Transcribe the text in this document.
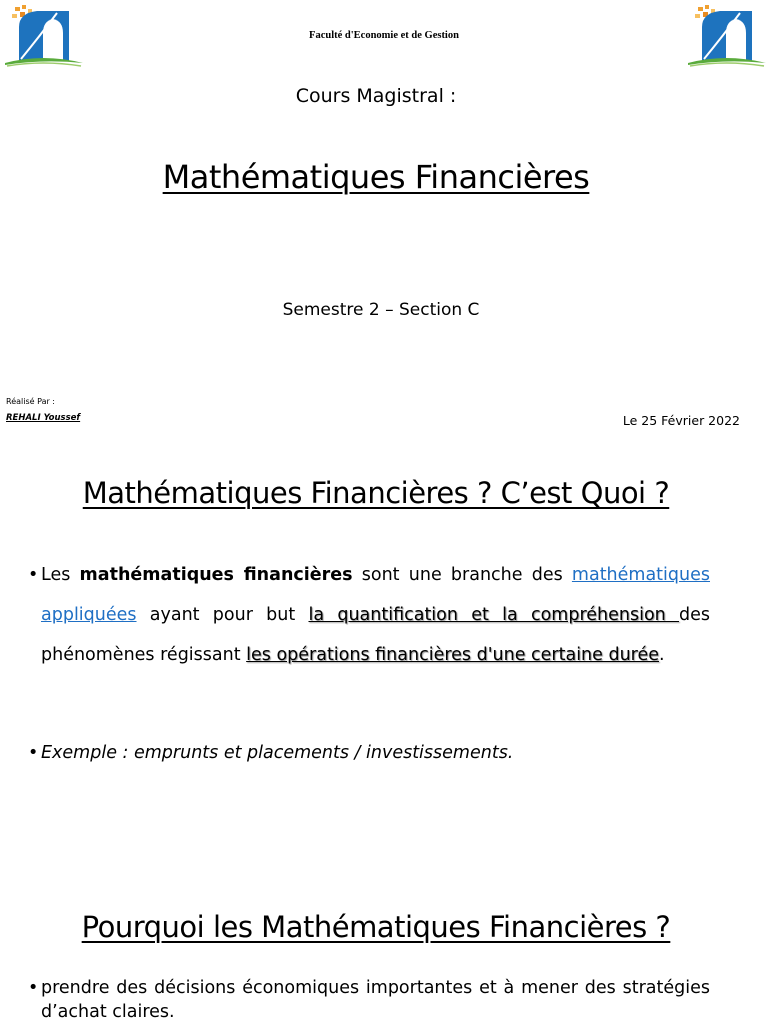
Faculté d'Economie et de Gestion
Cours Magistral :
Mathématiques Financières
Semestre 2 – Section C
Réalisé Par :
REHALI Youssef	Le 25 Février 2022
Mathématiques Financières ? C’est Quoi ?
• Les mathématiques financières sont une branche des mathématiques appliquées ayant pour but la quantification et la compréhension des phénomènes régissant les opérations financières d'une certaine durée.
• Exemple : emprunts et placements / investissements.
Pourquoi les Mathématiques Financières ?
• prendre des décisions économiques importantes et à mener des stratégies d’achat claires.
